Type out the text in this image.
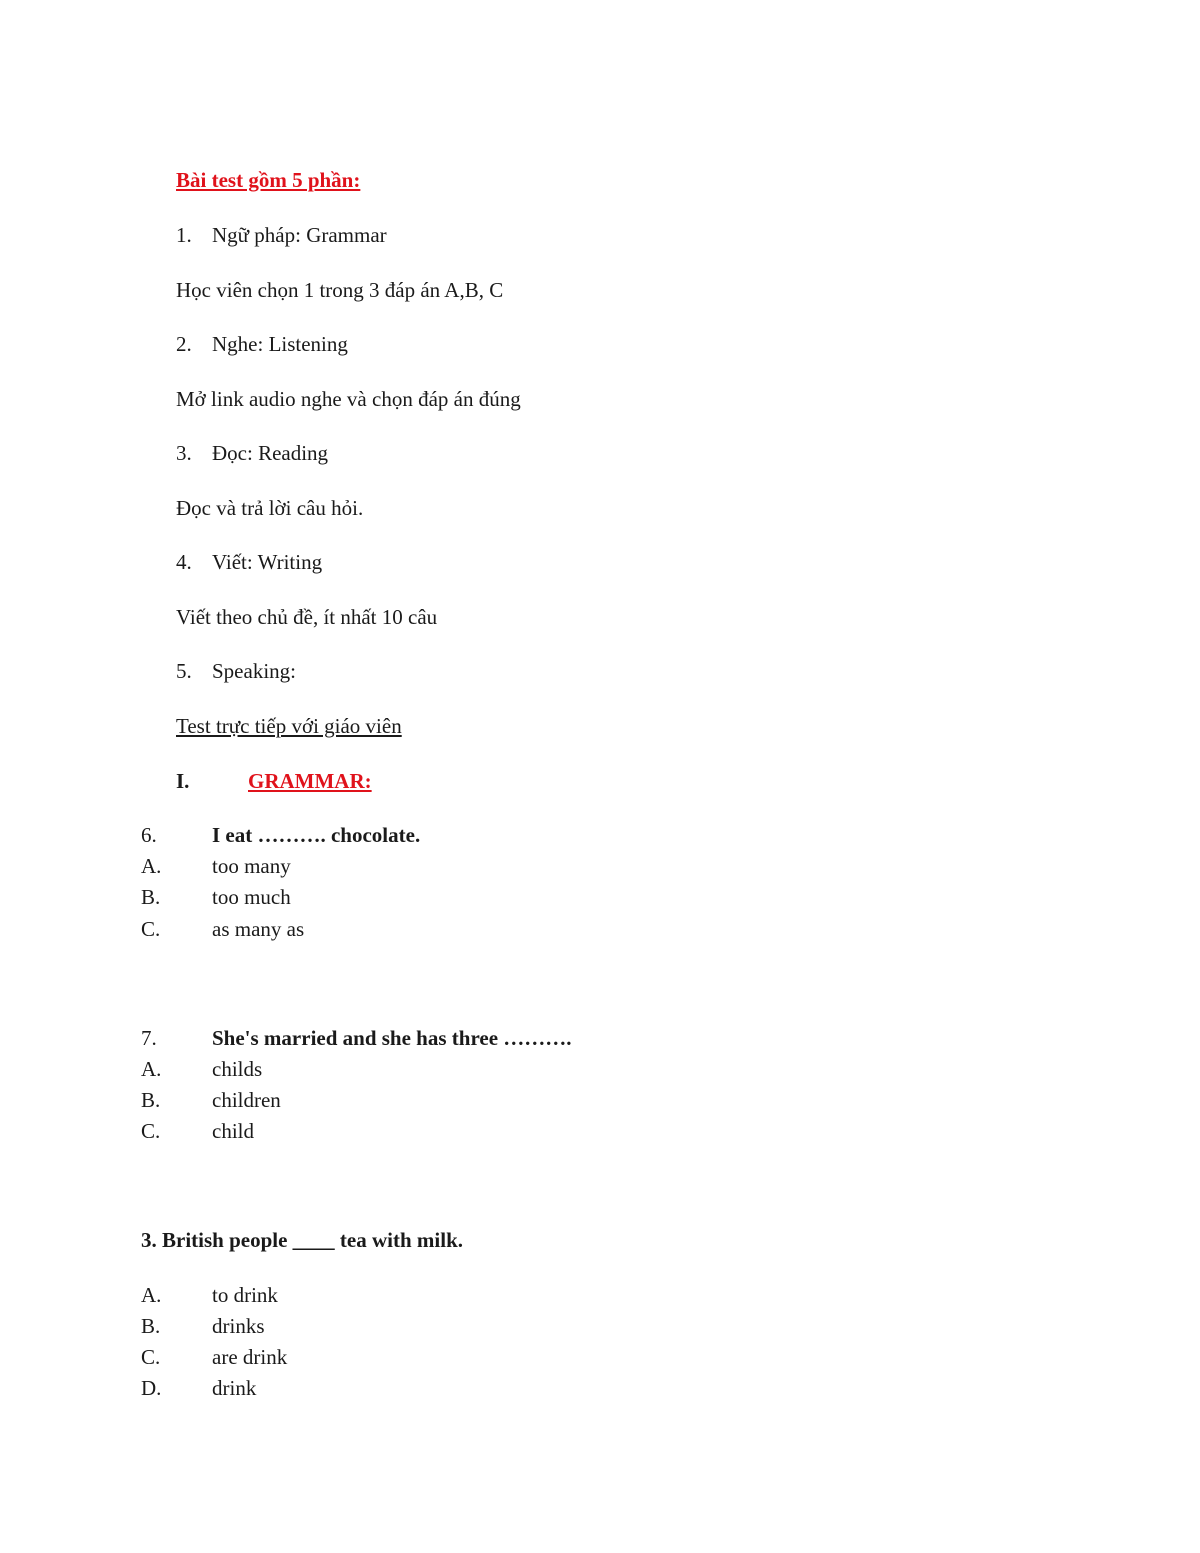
Bài test gồm 5 phần:
1. Ngữ pháp: Grammar
Học viên chọn 1 trong 3 đáp án A,B, C
2. Nghe: Listening
Mở link audio nghe và chọn đáp án đúng
3. Đọc: Reading
Đọc và trả lời câu hỏi.
4. Viết: Writing
Viết theo chủ đề, ít nhất 10 câu
5. Speaking:
Test trực tiếp với giáo viên
I.	GRAMMAR:
6.	I eat ………. chocolate.
A. too many
B. too much
C. as many as
7.	She's married and she has three ……….
A. childs
B. children
C. child
3. British people ____ tea with milk.
A. to drink
B. drinks
C. are drink
D. drink
